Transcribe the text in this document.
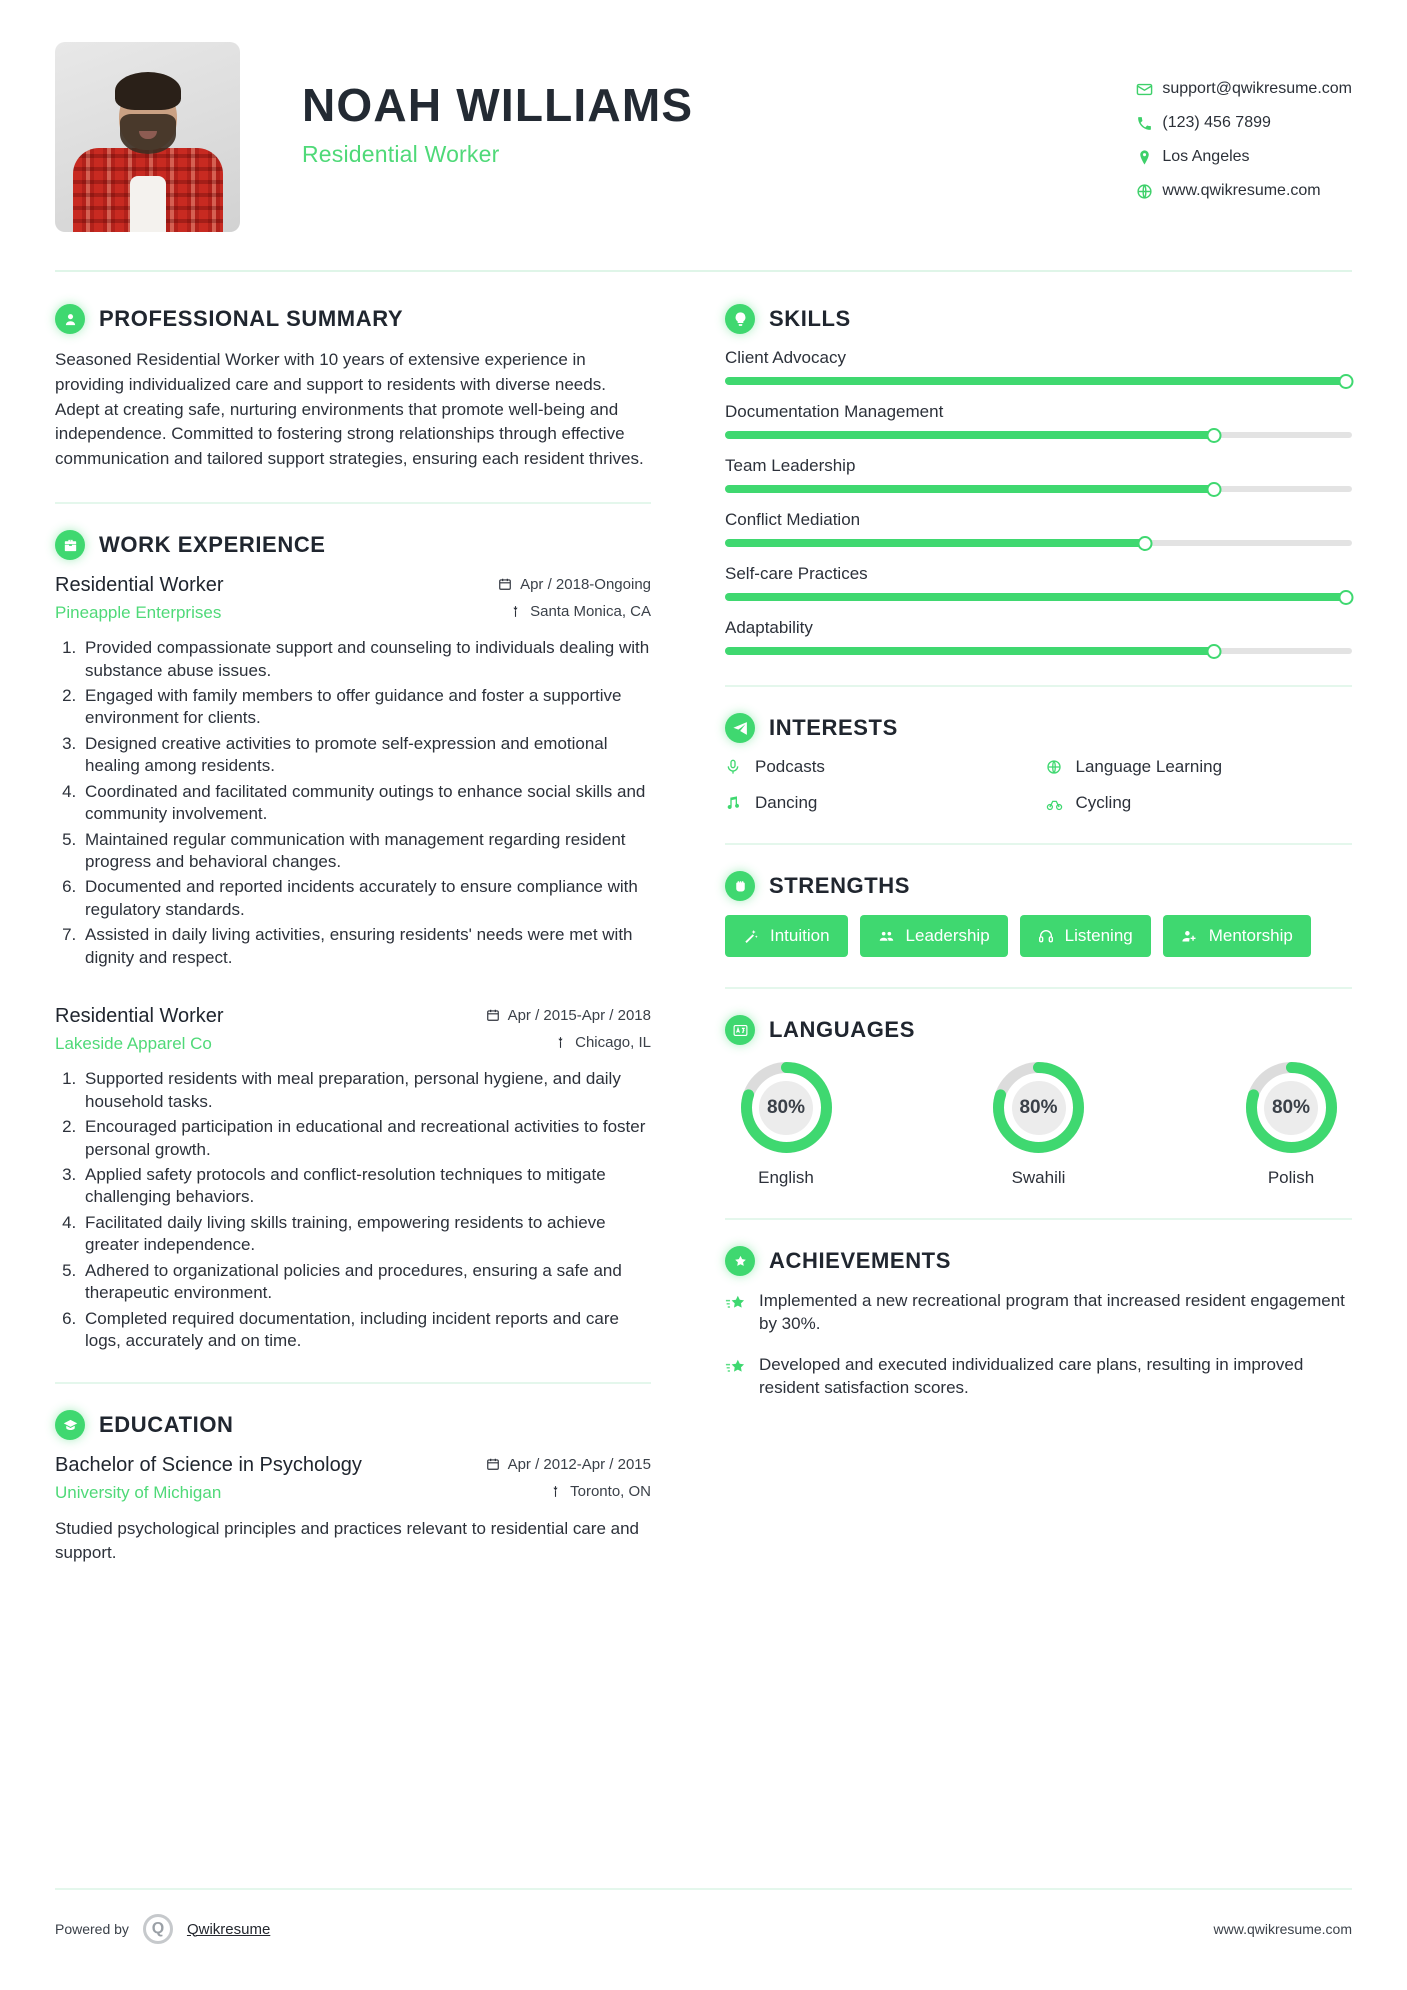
NOAH WILLIAMS
Residential Worker
support@qwikresume.com
(123) 456 7899
Los Angeles
www.qwikresume.com
PROFESSIONAL SUMMARY
Seasoned Residential Worker with 10 years of extensive experience in providing individualized care and support to residents with diverse needs. Adept at creating safe, nurturing environments that promote well-being and independence. Committed to fostering strong relationships through effective communication and tailored support strategies, ensuring each resident thrives.
WORK EXPERIENCE
Residential Worker	Apr / 2018-Ongoing
Pineapple Enterprises	Santa Monica, CA
1. Provided compassionate support and counseling to individuals dealing with substance abuse issues.
2. Engaged with family members to offer guidance and foster a supportive environment for clients.
3. Designed creative activities to promote self-expression and emotional healing among residents.
4. Coordinated and facilitated community outings to enhance social skills and community involvement.
5. Maintained regular communication with management regarding resident progress and behavioral changes.
6. Documented and reported incidents accurately to ensure compliance with regulatory standards.
7. Assisted in daily living activities, ensuring residents' needs were met with dignity and respect.
Residential Worker	Apr / 2015-Apr / 2018
Lakeside Apparel Co	Chicago, IL
1. Supported residents with meal preparation, personal hygiene, and daily household tasks.
2. Encouraged participation in educational and recreational activities to foster personal growth.
3. Applied safety protocols and conflict-resolution techniques to mitigate challenging behaviors.
4. Facilitated daily living skills training, empowering residents to achieve greater independence.
5. Adhered to organizational policies and procedures, ensuring a safe and therapeutic environment.
6. Completed required documentation, including incident reports and care logs, accurately and on time.
EDUCATION
Bachelor of Science in Psychology	Apr / 2012-Apr / 2015
University of Michigan	Toronto, ON
Studied psychological principles and practices relevant to residential care and support.
SKILLS
Client Advocacy
Documentation Management
Team Leadership
Conflict Mediation
Self-care Practices
Adaptability
INTERESTS
Podcasts	Language Learning
Dancing	Cycling
STRENGTHS
Intuition	Leadership	Listening	Mentorship
LANGUAGES
80%
English
80%
Swahili
80%
Polish
ACHIEVEMENTS
Implemented a new recreational program that increased resident engagement by 30%.
Developed and executed individualized care plans, resulting in improved resident satisfaction scores.
Powered by	Q	Qwikresume	www.qwikresume.com
